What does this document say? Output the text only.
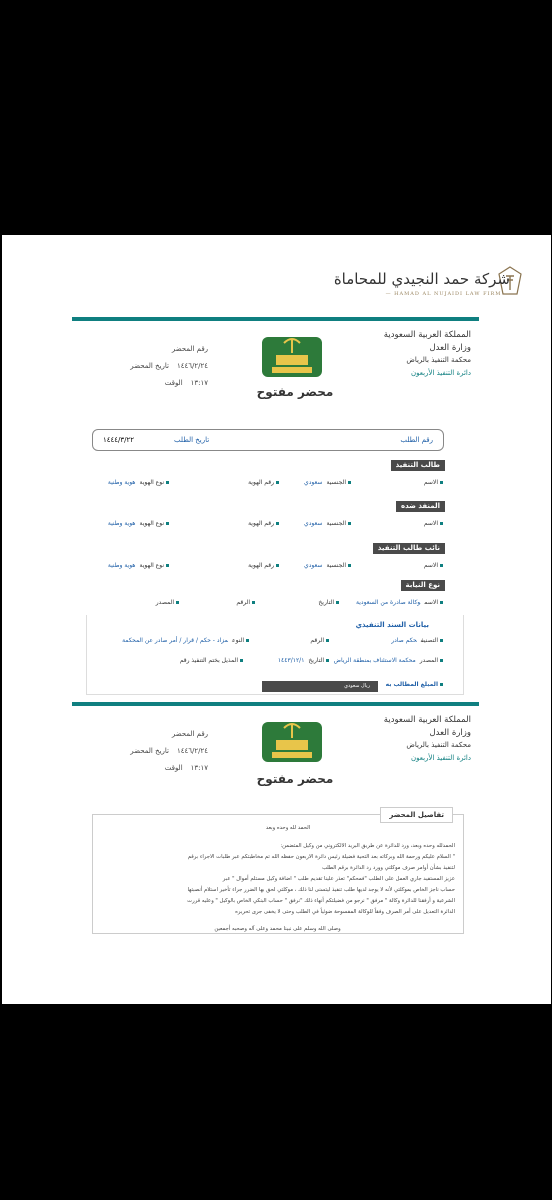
شركة حمد النجيدي للمحاماة
— HAMAD AL NUJAIDI LAW FIRM —
المملكة العربية السعودية
وزارة العدل
محكمة التنفيذ بالرياض
دائرة التنفيذ الأربعون
محضر مفتوح
رقم المحضر
١٤٤٦/٢/٢٤
تاريخ المحضر
١٣:١٧
الوقت
رقم الطلب
تاريخ الطلب
١٤٤٤/٣/٢٢
طالب التنفيذ
الاسم
الجنسيةسعودي
رقم الهوية
نوع الهويةهوية وطنية
المنفذ ضده
الاسم
الجنسيةسعودي
رقم الهوية
نوع الهويةهوية وطنية
نائب طالب التنفيذ
الاسم
الجنسيةسعودي
رقم الهوية
نوع الهويةهوية وطنية
نوع النيابة
الاسموكالة صادرة من السعودية
التاريخ
الرقم
المصدر
بيانات السند التنفيذي
التصنيفحكم صادر
الرقم
النوعمزاد - حكم / قرار / أمر صادر عن المحكمة
المصدرمحكمة الاستئناف بمنطقة الرياض
التاريخ١٤٤٣/١٢/١
المذيل بختم التنفيذ رقم
المبلغ المطالب به
ريال سعودي
المملكة العربية السعودية
وزارة العدل
محكمة التنفيذ بالرياض
دائرة التنفيذ الأربعون
محضر مفتوح
رقم المحضر
١٤٤٦/٢/٢٤
تاريخ المحضر
١٣:١٧
الوقت
تفاصيل المحضر
الحمد لله وحده وبعد
الحمدلله وحده وبعد، ورد للدائرة عن طريق البريد الالكتروني من وكيل المتضمن:
" السلام عليكم ورحمة الله وبركاته بعد التحية فضيلة رئيس دائرة الاربعون حفظه الله تم مخاطبتكم عبر طلبات الاجراء برقم
لتنفيذ بشأن أوامر صرف موكلتي وورد رد الدائرة برقم الطلب
عزيز المستفيد جاري العمل على الطلب "فمحكم" تعذر علينا تقديم طلب " اضافة وكيل مستلم أموال " عبر
حساب ناجز الخاص بموكلتي لأنه لا يوجد لديها طلب تنفيذ ليتسنى لنا ذلك ، موكلتي لحق بها الضرر جراء تأخير استلام أنصبتها
الشرعية و أرفقنا للدائرة وكالة " مرفق " نرجو من فضيلتكم أنهاء ذلك "نرفق " حساب البنكي الخاص بالوكيل " وعليه قررت
الدائرة التعديل على أمر الصرف وفقاً للوكالة المفسوحة ضوئياً في الطلب وحتى لا يخفى جرى تحريره
وصلى الله وسلم على نبينا محمد وعلى آله وصحبه أجمعين
